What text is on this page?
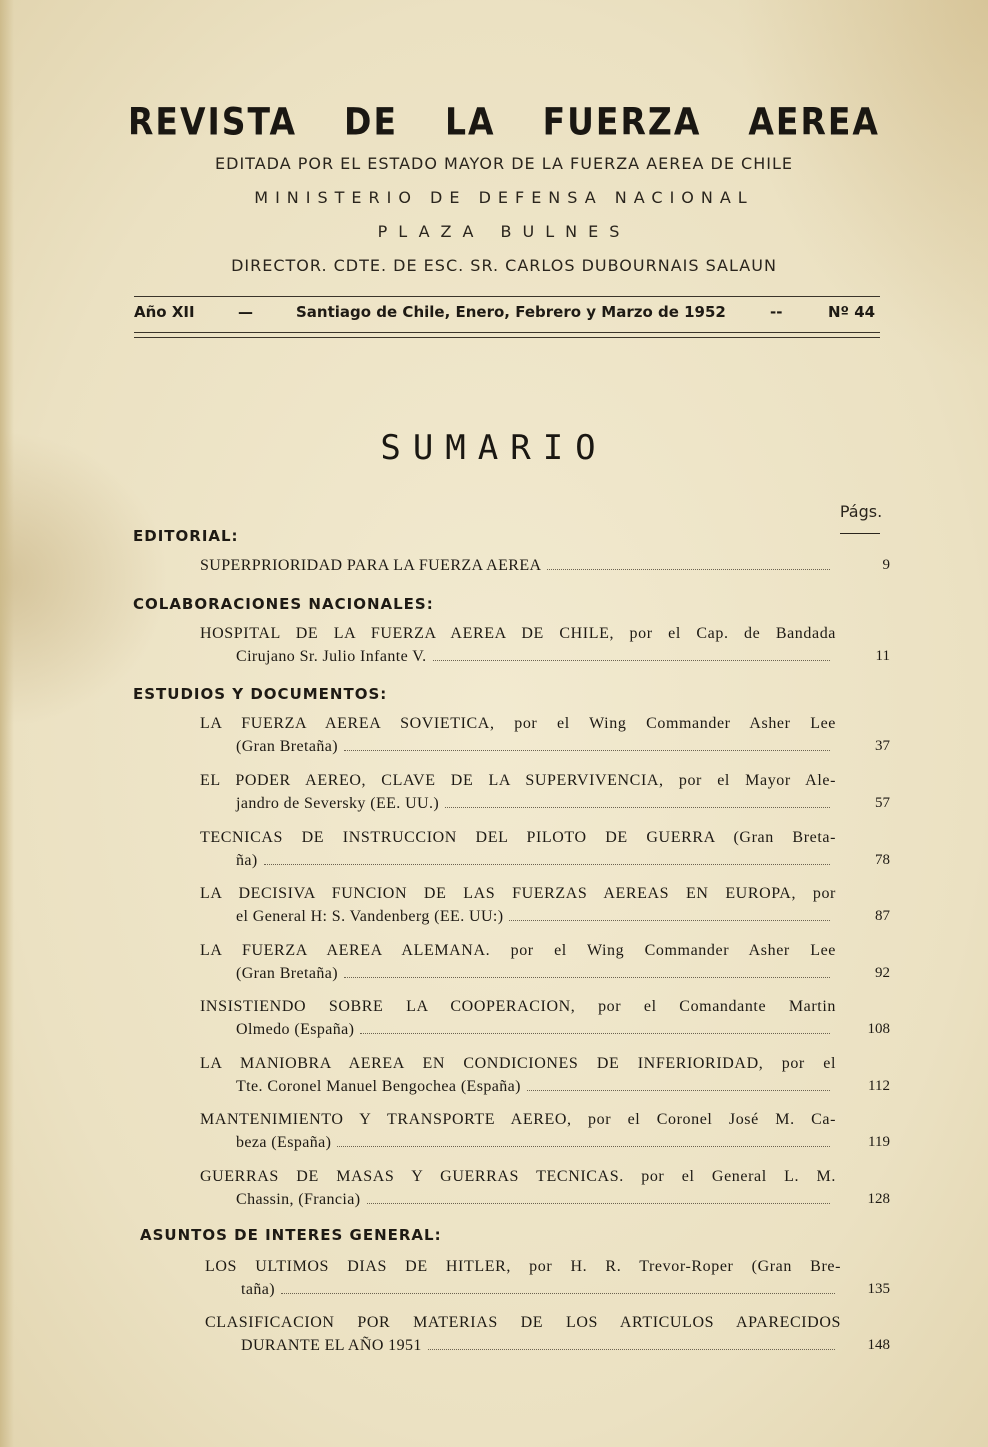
REVISTA DE LA FUERZA AEREA
EDITADA POR EL ESTADO MAYOR DE LA FUERZA AEREA DE CHILE
MINISTERIO DE DEFENSA NACIONAL
PLAZA BULNES
DIRECTOR. CDTE. DE ESC. SR. CARLOS DUBOURNAIS SALAUN
Año XII	—	Santiago de Chile, Enero, Febrero y Marzo de 1952	--	Nº 44
SUMARIO
Págs.
EDITORIAL:
SUPERPRIORIDAD PARA LA FUERZA AEREA	9
COLABORACIONES NACIONALES:
HOSPITAL DE LA FUERZA AEREA DE CHILE, por el Cap. de Bandada
Cirujano Sr. Julio Infante V.	11
ESTUDIOS Y DOCUMENTOS:
LA FUERZA AEREA SOVIETICA, por el Wing Commander Asher Lee
(Gran Bretaña)	37
EL PODER AEREO, CLAVE DE LA SUPERVIVENCIA, por el Mayor Ale-
jandro de Seversky (EE. UU.)	57
TECNICAS DE INSTRUCCION DEL PILOTO DE GUERRA (Gran Breta-
ña)	78
LA DECISIVA FUNCION DE LAS FUERZAS AEREAS EN EUROPA, por
el General H: S. Vandenberg (EE. UU:)	87
LA FUERZA AEREA ALEMANA. por el Wing Commander Asher Lee
(Gran Bretaña)	92
INSISTIENDO SOBRE LA COOPERACION, por el Comandante Martin
Olmedo (España)	108
LA MANIOBRA AEREA EN CONDICIONES DE INFERIORIDAD, por el
Tte. Coronel Manuel Bengochea (España)	112
MANTENIMIENTO Y TRANSPORTE AEREO, por el Coronel José M. Ca-
beza (España)	119
GUERRAS DE MASAS Y GUERRAS TECNICAS. por el General L. M.
Chassin, (Francia)	128
ASUNTOS DE INTERES GENERAL:
LOS ULTIMOS DIAS DE HITLER, por H. R. Trevor-Roper (Gran Bre-
taña)	135
CLASIFICACION POR MATERIAS DE LOS ARTICULOS APARECIDOS
DURANTE EL AÑO 1951	148
